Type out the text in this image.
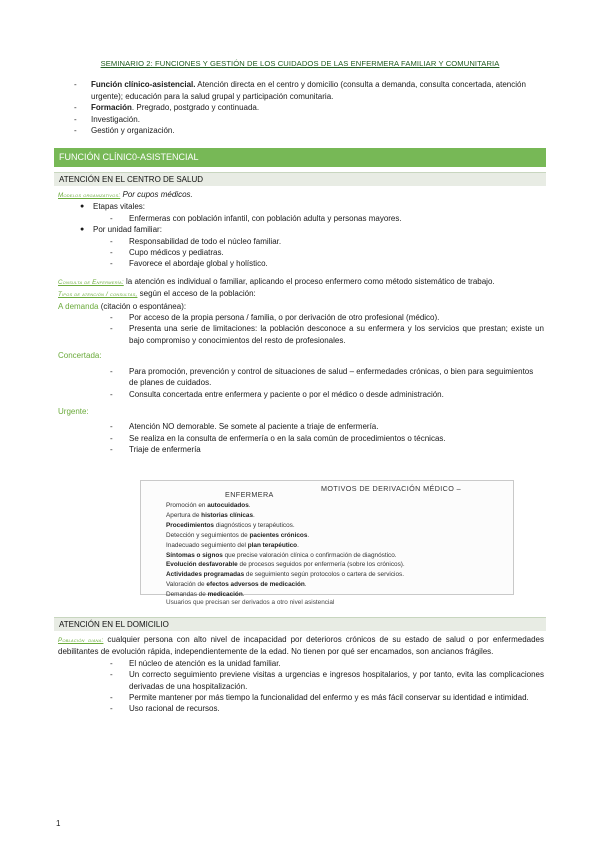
SEMINARIO 2: FUNCIONES Y GESTIÓN DE LOS CUIDADOS DE LAS ENFERMERA FAMILIAR Y COMUNITARIA
- Función clínico-asistencial. Atención directa en el centro y domicilio (consulta a demanda, consulta concertada, atención urgente); educación para la salud grupal y participación comunitaria.
- Formación. Pregrado, postgrado y continuada.
- Investigación.
- Gestión y organización.
FUNCIÓN CLÍNIC0-ASISTENCIAL
ATENCIÓN EN EL CENTRO DE SALUD
Modelos organizativos: Por cupos médicos.
● Etapas vitales:
- Enfermeras con población infantil, con población adulta y personas mayores.
● Por unidad familiar:
- Responsabilidad de todo el núcleo familiar.
- Cupo médicos y pediatras.
- Favorece el abordaje global y holístico.
Consulta de Enfermería: la atención es individual o familiar, aplicando el proceso enfermero como método sistemático de trabajo.
Tipos de atención / consultas, según el acceso de la población:
A demanda (citación o espontánea):
- Por acceso de la propia persona / familia, o por derivación de otro profesional (médico).
- Presenta una serie de limitaciones: la población desconoce a su enfermera y los servicios que prestan; existe un bajo compromiso y conocimientos del resto de profesionales.
Concertada:
- Para promoción, prevención y control de situaciones de salud – enfermedades crónicas, o bien para seguimientos de planes de cuidados.
- Consulta concertada entre enfermera y paciente o por el médico o desde administración.
Urgente:
- Atención NO demorable. Se somete al paciente a triaje de enfermería.
- Se realiza en la consulta de enfermería o en la sala común de procedimientos o técnicas.
- Triaje de enfermería
MOTIVOS DE DERIVACIÓN MÉDICO –
ENFERMERA
Promoción en autocuidados.
Apertura de historias clínicas.
Procedimientos diagnósticos y terapéuticos.
Detección y seguimientos de pacientes crónicos.
Inadecuado seguimiento del plan terapéutico.
Síntomas o signos que precise valoración clínica o confirmación de diagnóstico.
Evolución desfavorable de procesos seguidos por enfermería (sobre los crónicos).
Actividades programadas de seguimiento según protocolos o cartera de servicios.
Valoración de efectos adversos de medicación.
Demandas de medicación.
Usuarios que precisan ser derivados a otro nivel asistencial
ATENCIÓN EN EL DOMICILIO
Población diana: cualquier persona con alto nivel de incapacidad por deterioros crónicos de su estado de salud o por enfermedades debilitantes de evolución rápida, independientemente de la edad. No tienen por qué ser encamados, son ancianos frágiles.
- El núcleo de atención es la unidad familiar.
- Un correcto seguimiento previene visitas a urgencias e ingresos hospitalarios, y por tanto, evita las complicaciones derivadas de una hospitalización.
- Permite mantener por más tiempo la funcionalidad del enfermo y es más fácil conservar su identidad e intimidad.
- Uso racional de recursos.
1
